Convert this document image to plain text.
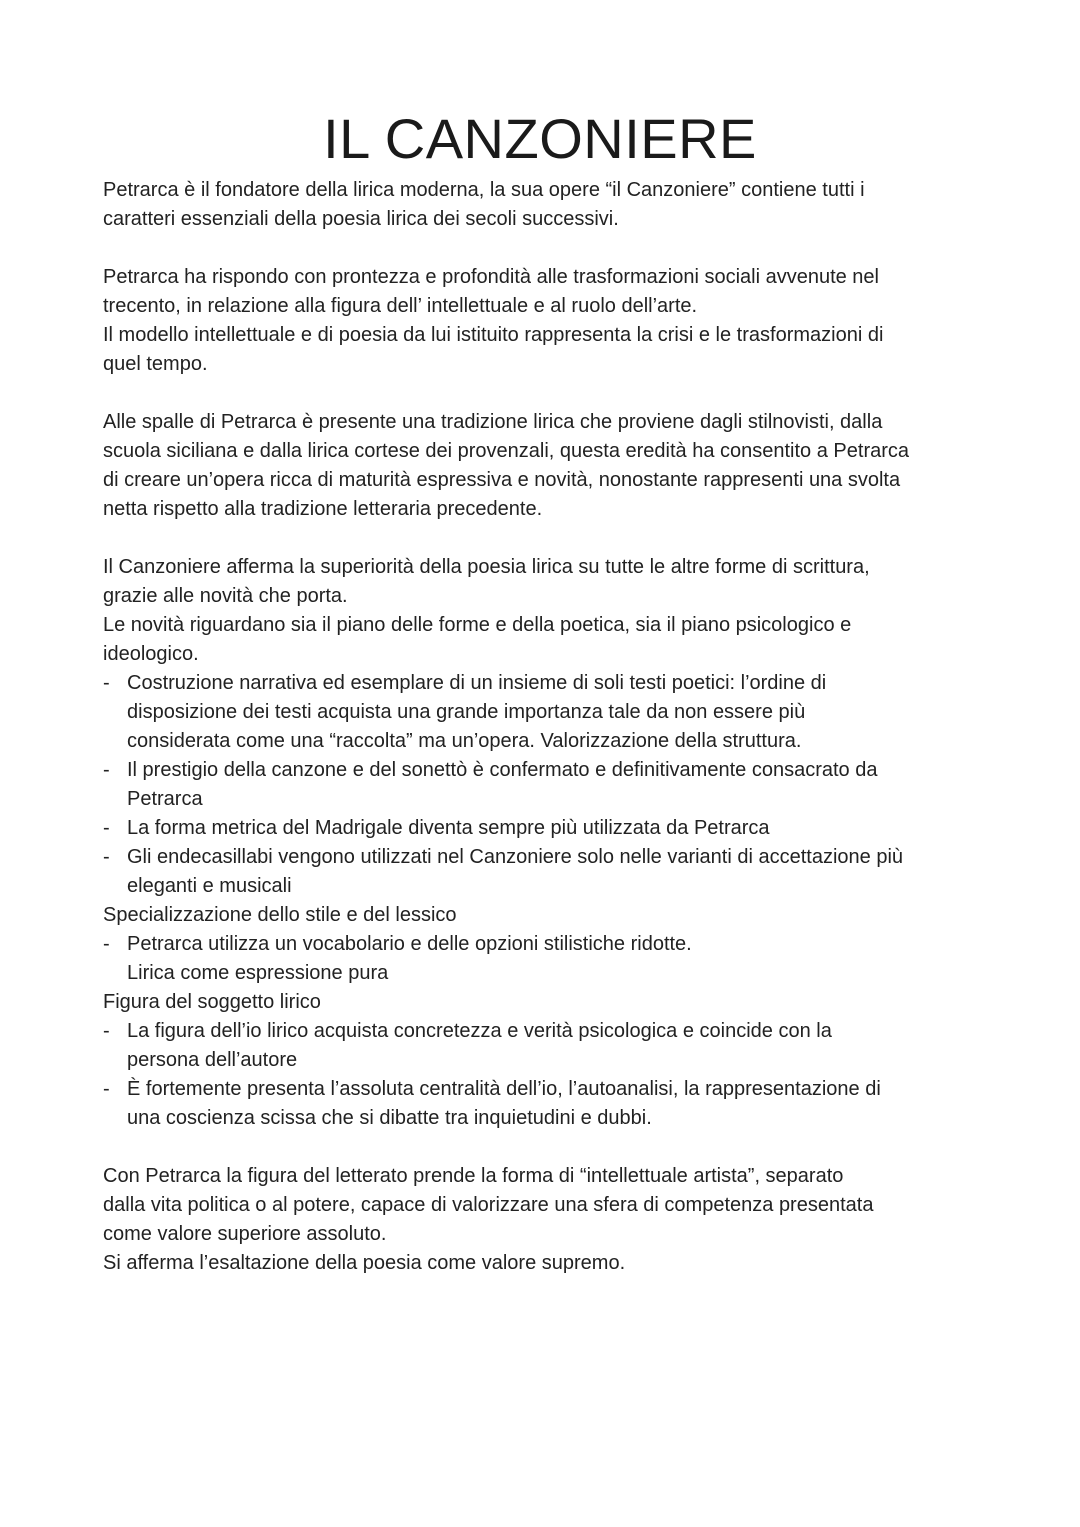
IL CANZONIERE
Petrarca è il fondatore della lirica moderna, la sua opere “il Canzoniere” contiene tutti i
caratteri essenziali della poesia lirica dei secoli successivi.
Petrarca ha rispondo con prontezza e profondità alle trasformazioni sociali avvenute nel
trecento, in relazione alla figura dell’ intellettuale e al ruolo dell’arte.
Il modello intellettuale e di poesia da lui istituito rappresenta la crisi e le trasformazioni di
quel tempo.
Alle spalle di Petrarca è presente una tradizione lirica che proviene dagli stilnovisti, dalla
scuola siciliana e dalla lirica cortese dei provenzali, questa eredità ha consentito a Petrarca
di creare un’opera ricca di maturità espressiva e novità, nonostante rappresenti una svolta
netta rispetto alla tradizione letteraria precedente.
Il Canzoniere afferma la superiorità della poesia lirica su tutte le altre forme di scrittura,
grazie alle novità che porta.
Le novità riguardano sia il piano delle forme e della poetica, sia il piano psicologico e
ideologico.
- Costruzione narrativa ed esemplare di un insieme di soli testi poetici: l’ordine di
disposizione dei testi acquista una grande importanza tale da non essere più
considerata come una “raccolta” ma un’opera. Valorizzazione della struttura.
- Il prestigio della canzone e del sonettò è confermato e definitivamente consacrato da
Petrarca
- La forma metrica del Madrigale diventa sempre più utilizzata da Petrarca
- Gli endecasillabi vengono utilizzati nel Canzoniere solo nelle varianti di accettazione più
eleganti e musicali
Specializzazione dello stile e del lessico
- Petrarca utilizza un vocabolario e delle opzioni stilistiche ridotte.
Lirica come espressione pura
Figura del soggetto lirico
- La figura dell’io lirico acquista concretezza e verità psicologica e coincide con la
persona dell’autore
- È fortemente presenta l’assoluta centralità dell’io, l’autoanalisi, la rappresentazione di
una coscienza scissa che si dibatte tra inquietudini e dubbi.
Con Petrarca la figura del letterato prende la forma di “intellettuale artista”, separato
dalla vita politica o al potere, capace di valorizzare una sfera di competenza presentata
come valore superiore assoluto.
Si afferma l’esaltazione della poesia come valore supremo.
